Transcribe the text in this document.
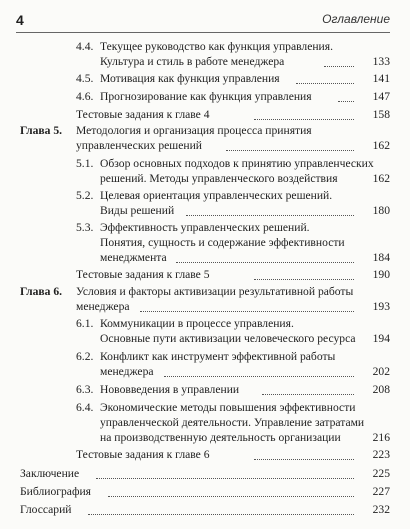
4	Оглавление
4.4. Текущее руководство как функция управления.
Культура и стиль в работе менеджера	133
4.5. Мотивация как функция управления	141
4.6. Прогнозирование как функция управления	147
Тестовые задания к главе 4	158
Глава 5. Методология и организация процесса принятия
управленческих решений	162
5.1. Обзор основных подходов к принятию управленческих
решений. Методы управленческого воздействия	162
5.2. Целевая ориентация управленческих решений.
Виды решений	180
5.3. Эффективность управленческих решений.
Понятия, сущность и содержание эффективности
менеджмента	184
Тестовые задания к главе 5	190
Глава 6. Условия и факторы активизации результативной работы
менеджера	193
6.1. Коммуникации в процессе управления.
Основные пути активизации человеческого ресурса 194
6.2. Конфликт как инструмент эффективной работы
менеджера	202
6.3. Нововведения в управлении	208
6.4. Экономические методы повышения эффективности
управленческой деятельности. Управление затратами
на производственную деятельность организации	216
Тестовые задания к главе 6	223
Заключение	225
Библиография	227
Глоссарий	232
